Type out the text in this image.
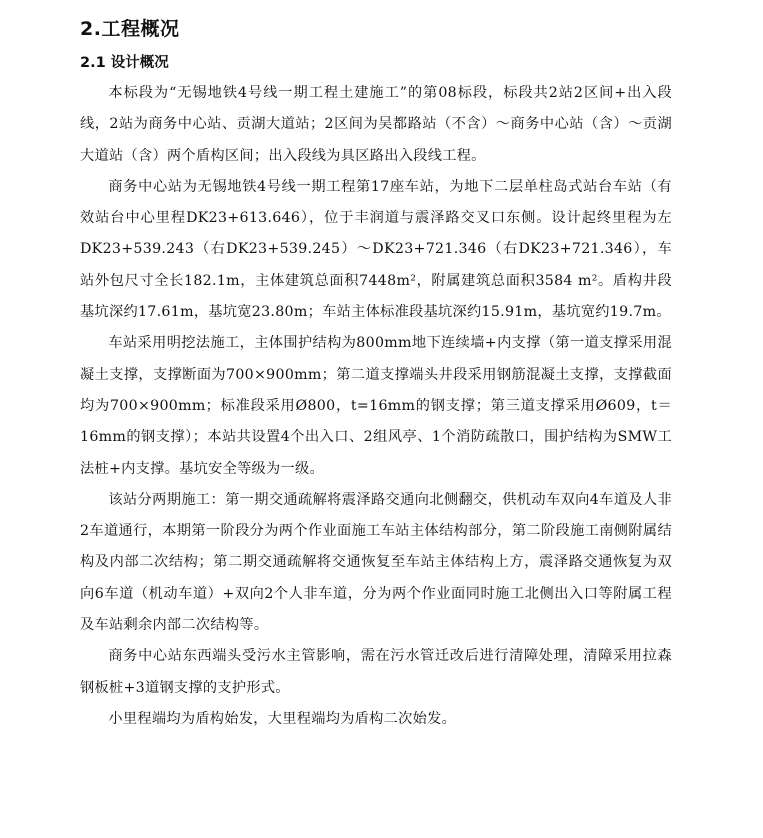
2.工程概况
2.1 设计概况

本标段为“无锡地铁4号线一期工程土建施工”的第08标段，标段共2站2区间+出入段线，2站为商务中心站、贡湖大道站；2区间为吴都路站（不含）～商务中心站（含）～贡湖大道站（含）两个盾构区间；出入段线为具区路出入段线工程。

商务中心站为无锡地铁4号线一期工程第17座车站，为地下二层单柱岛式站台车站（有效站台中心里程DK23+613.646），位于丰润道与震泽路交叉口东侧。设计起终里程为左DK23+539.243（右DK23+539.245）～DK23+721.346（右DK23+721.346），车站外包尺寸全长182.1m，主体建筑总面积7448m²，附属建筑总面积3584 m²。盾构井段基坑深约17.61m，基坑宽23.80m；车站主体标准段基坑深约15.91m，基坑宽约19.7m。

车站采用明挖法施工，主体围护结构为800mm地下连续墙+内支撑（第一道支撑采用混凝土支撑，支撑断面为700×900mm；第二道支撑端头井段采用钢筋混凝土支撑，支撑截面均为700×900mm；标准段采用Ø800，t=16mm的钢支撑；第三道支撑采用Ø609，t＝16mm的钢支撑）；本站共设置4个出入口、2组风亭、1个消防疏散口，围护结构为SMW工法桩+内支撑。基坑安全等级为一级。

该站分两期施工：第一期交通疏解将震泽路交通向北侧翻交，供机动车双向4车道及人非2车道通行，本期第一阶段分为两个作业面施工车站主体结构部分，第二阶段施工南侧附属结构及内部二次结构；第二期交通疏解将交通恢复至车站主体结构上方，震泽路交通恢复为双向6车道（机动车道）+双向2个人非车道，分为两个作业面同时施工北侧出入口等附属工程及车站剩余内部二次结构等。

商务中心站东西端头受污水主管影响，需在污水管迁改后进行清障处理，清障采用拉森钢板桩+3道钢支撑的支护形式。

小里程端均为盾构始发，大里程端均为盾构二次始发。
